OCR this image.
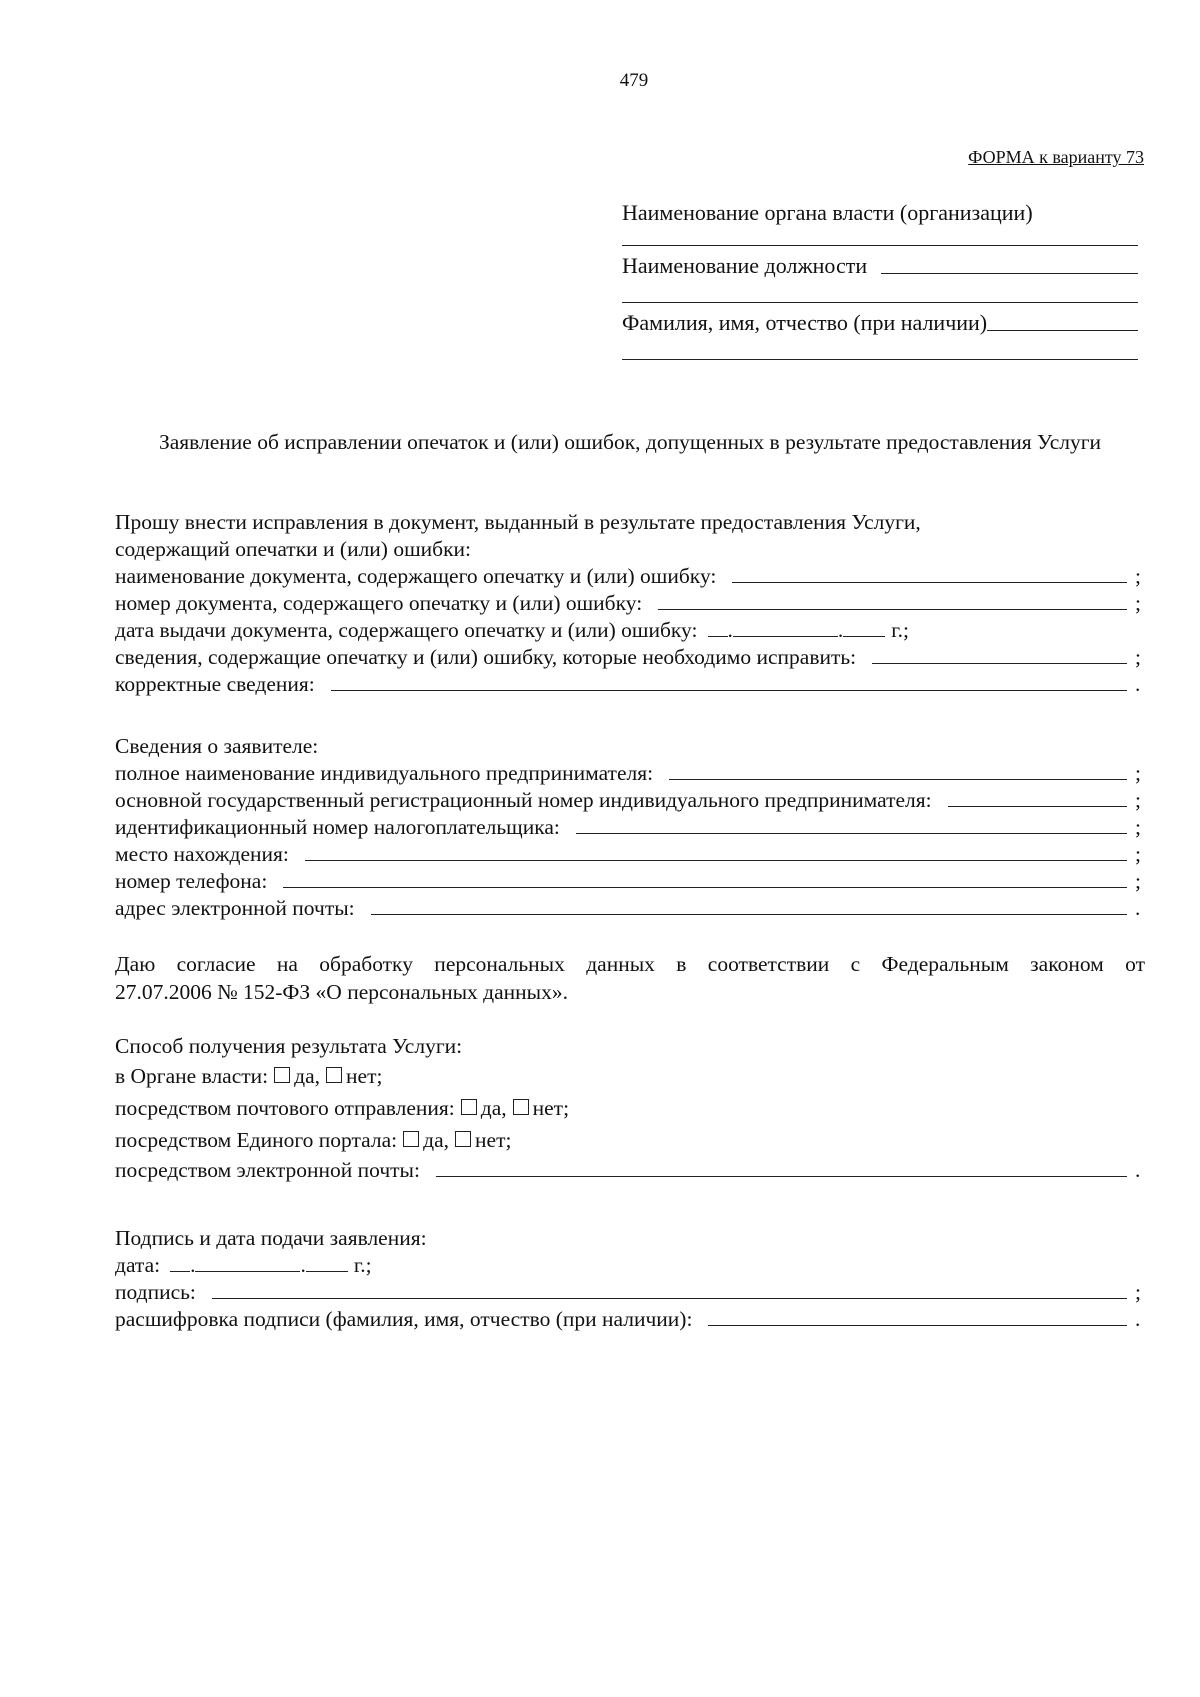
479
ФОРМА к варианту 73
Наименование органа власти (организации)
Наименование должности
Фамилия, имя, отчество (при наличии)
Заявление об исправлении опечаток и (или) ошибок, допущенных в результате предоставления Услуги
Прошу внести исправления в документ, выданный в результате предоставления Услуги,
содержащий опечатки и (или) ошибки:
наименование документа, содержащего опечатку и (или) ошибку:	;
номер документа, содержащего опечатку и (или) ошибку:	;
дата выдачи документа, содержащего опечатку и (или) ошибку: .	. г.;
сведения, содержащие опечатку и (или) ошибку, которые необходимо исправить:	;
корректные сведения:	.
Сведения о заявителе:
полное наименование индивидуального предпринимателя:	;
основной государственный регистрационный номер индивидуального предпринимателя:	;
идентификационный номер налогоплательщика:	;
место нахождения:	;
номер телефона:	;
адрес электронной почты:	.
Даю согласие на обработку персональных данных в соответствии с Федеральным законом от
27.07.2006 № 152-ФЗ «О персональных данных».
Способ получения результата Услуги:
в Органе власти: да, нет;
посредством почтового отправления: да, нет;
посредством Единого портала: да, нет;
посредством электронной почты:	.
Подпись и дата подачи заявления:
дата: .	. г.;
подпись:	;
расшифровка подписи (фамилия, имя, отчество (при наличии):	.
